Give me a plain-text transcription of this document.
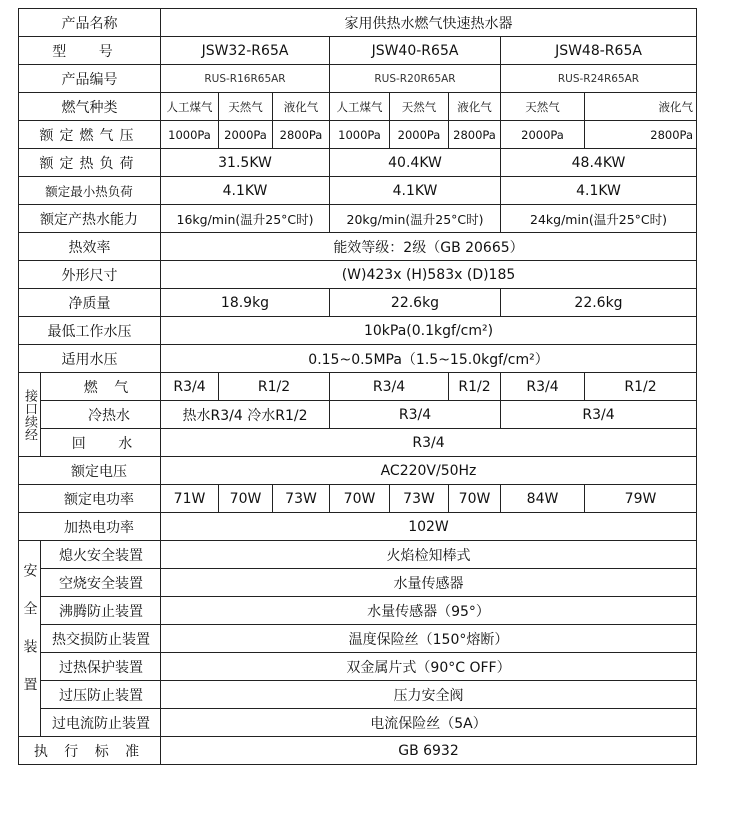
产品名称		家用供热水燃气快速热水器							
型 号		JSW32-R65A			JSW40-R65A			JSW48-R65A	
产品编号		RUS-R16R65AR			RUS-R20R65AR			RUS-R24R65AR	
燃气种类		人工煤气	天然气	液化气	人工煤气	天然气	液化气	天然气	液化气
额定燃气压		1000Pa	2000Pa	2800Pa	1000Pa	2000Pa	2800Pa	2000Pa	2800Pa
额定热负荷		31.5KW			40.4KW			48.4KW	
额定最小热负荷		4.1KW			4.1KW			4.1KW	
额定产热水能力		16kg/min(温升25°C时)			20kg/min(温升25°C时)			24kg/min(温升25°C时)	
热效率		能效等级：2级（GB 20665）							
外形尺寸		(W)423x (H)583x (D)185							
净质量		18.9kg			22.6kg			22.6kg	
最低工作水压		10kPa(0.1kgf/cm²)							
适用水压		0.15~0.5MPa（1.5~15.0kgf/cm²）							
接口续经	燃 气	R3/4	R1/2		R3/4		R1/2	R3/4	R1/2
	冷热水	热水R3/4 冷水R1/2			R3/4			R3/4	
	回 水	R3/4							
额定电压		AC220V/50Hz							
额定电功率		71W	70W	73W	70W	73W	70W	84W	79W
加热电功率		102W							
安全装置	熄火安全装置	火焰检知棒式							
	空烧安全装置	水量传感器							
	沸腾防止装置	水量传感器（95°）							
	热交损防止装置	温度保险丝（150°熔断）							
	过热保护装置	双金属片式（90°C OFF）							
	过压防止装置	压力安全阀							
	过电流防止装置	电流保险丝（5A）							
执 行 标 准		GB 6932							
